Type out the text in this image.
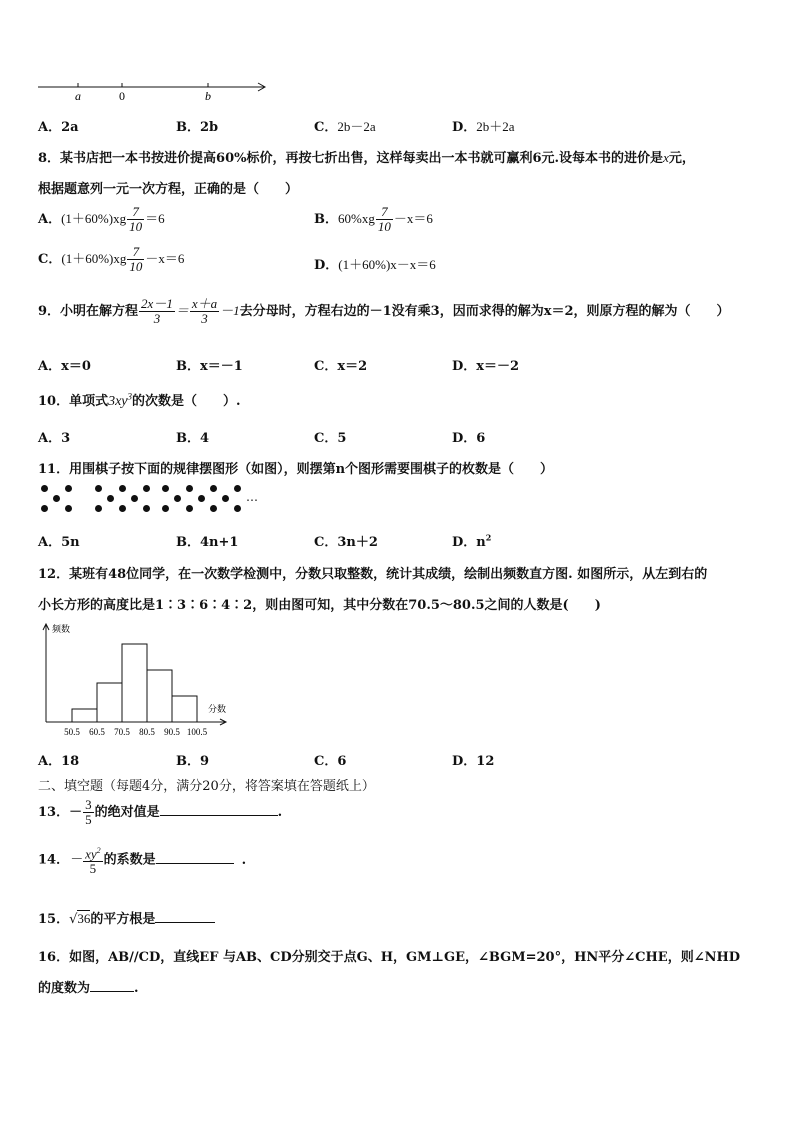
a	0	b
A．2a	B．2b	C．2b－2a	D．2b＋2a
8．某书店把一本书按进价提高60%标价，再按七折出售，这样每卖出一本书就可赢利6元.设每本书的进价是x元，
根据题意列一元一次方程，正确的是（　　）
A．$(1+60\%)xg \frac{7}{10} =6$	B．$60\%xg \frac{7}{10} -x=6$
C．$(1+60\%)xg \frac{7}{10} -x=6$	D．(1＋60%)x－x＝6
9．小明在解方程 $\frac{2x-1}{3} = \frac{x+a}{3} -1$去分母时，方程右边的－1没有乘3，因而求得的解为x＝2，则原方程的解为（　　）
A．x＝0	B．x＝－1	C．x＝2	D．x＝－2
10．单项式$3xy^3$的次数是（　　）.
A．3	B．4	C．5	D．6
11．用围棋子按下面的规律摆图形（如图），则摆第n个图形需要围棋子的枚数是（　　）
…
A．5n	B．4n+1	C．3n＋2	D．$n^2$
12．某班有48位同学，在一次数学检测中，分数只取整数，统计其成绩，绘制出频数直方图. 如图所示，从左到右的
小长方形的高度比是1∶3∶6∶4∶2，则由图可知，其中分数在70.5～80.5之间的人数是(　　)
频数
分数
50.5 60.5 70.5 80.5 90.5 100.5
A．18	B．9	C．6	D．12
二、填空题（每题4分，满分20分，将答案填在答题纸上）
13．－ $\frac{3}{5}$ 的绝对值是	.
14．－ $\frac{xy^2}{5}$ 的系数是	.
15．√36的平方根是
16．如图，AB//CD，直线EF 与AB、CD分别交于点G、H，GM⊥GE，∠BGM=20°，HN平分∠CHE，则∠NHD
的度数为	.
